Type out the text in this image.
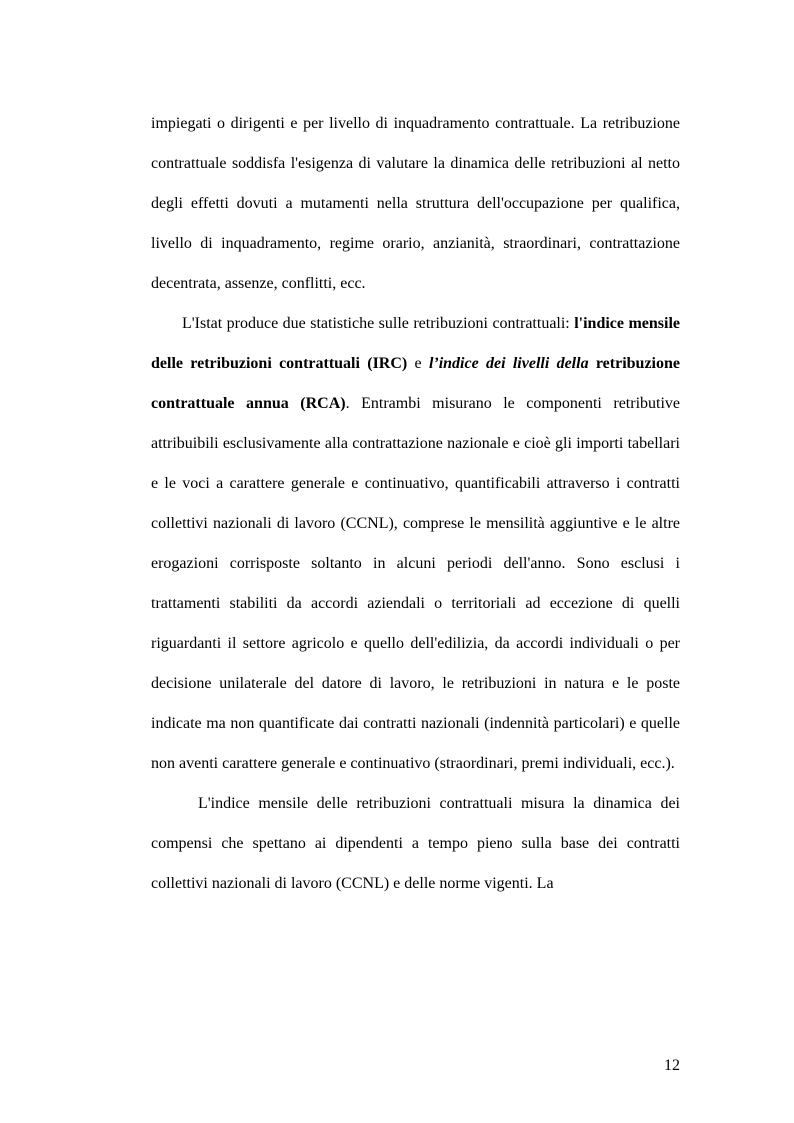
impiegati o dirigenti e per livello di inquadramento contrattuale. La retribuzione contrattuale soddisfa l'esigenza di valutare la dinamica delle retribuzioni al netto degli effetti dovuti a mutamenti nella struttura dell'occupazione per qualifica, livello di inquadramento, regime orario, anzianità, straordinari, contrattazione decentrata, assenze, conflitti, ecc.

L'Istat produce due statistiche sulle retribuzioni contrattuali: l'indice mensile delle retribuzioni contrattuali (IRC) e l’indice dei livelli della retribuzione contrattuale annua (RCA). Entrambi misurano le componenti retributive attribuibili esclusivamente alla contrattazione nazionale e cioè gli importi tabellari e le voci a carattere generale e continuativo, quantificabili attraverso i contratti collettivi nazionali di lavoro (CCNL), comprese le mensilità aggiuntive e le altre erogazioni corrisposte soltanto in alcuni periodi dell'anno. Sono esclusi i trattamenti stabiliti da accordi aziendali o territoriali ad eccezione di quelli riguardanti il settore agricolo e quello dell'edilizia, da accordi individuali o per decisione unilaterale del datore di lavoro, le retribuzioni in natura e le poste indicate ma non quantificate dai contratti nazionali (indennità particolari) e quelle non aventi carattere generale e continuativo (straordinari, premi individuali, ecc.).

L'indice mensile delle retribuzioni contrattuali misura la dinamica dei compensi che spettano ai dipendenti a tempo pieno sulla base dei contratti collettivi nazionali di lavoro (CCNL) e delle norme vigenti. La

12
